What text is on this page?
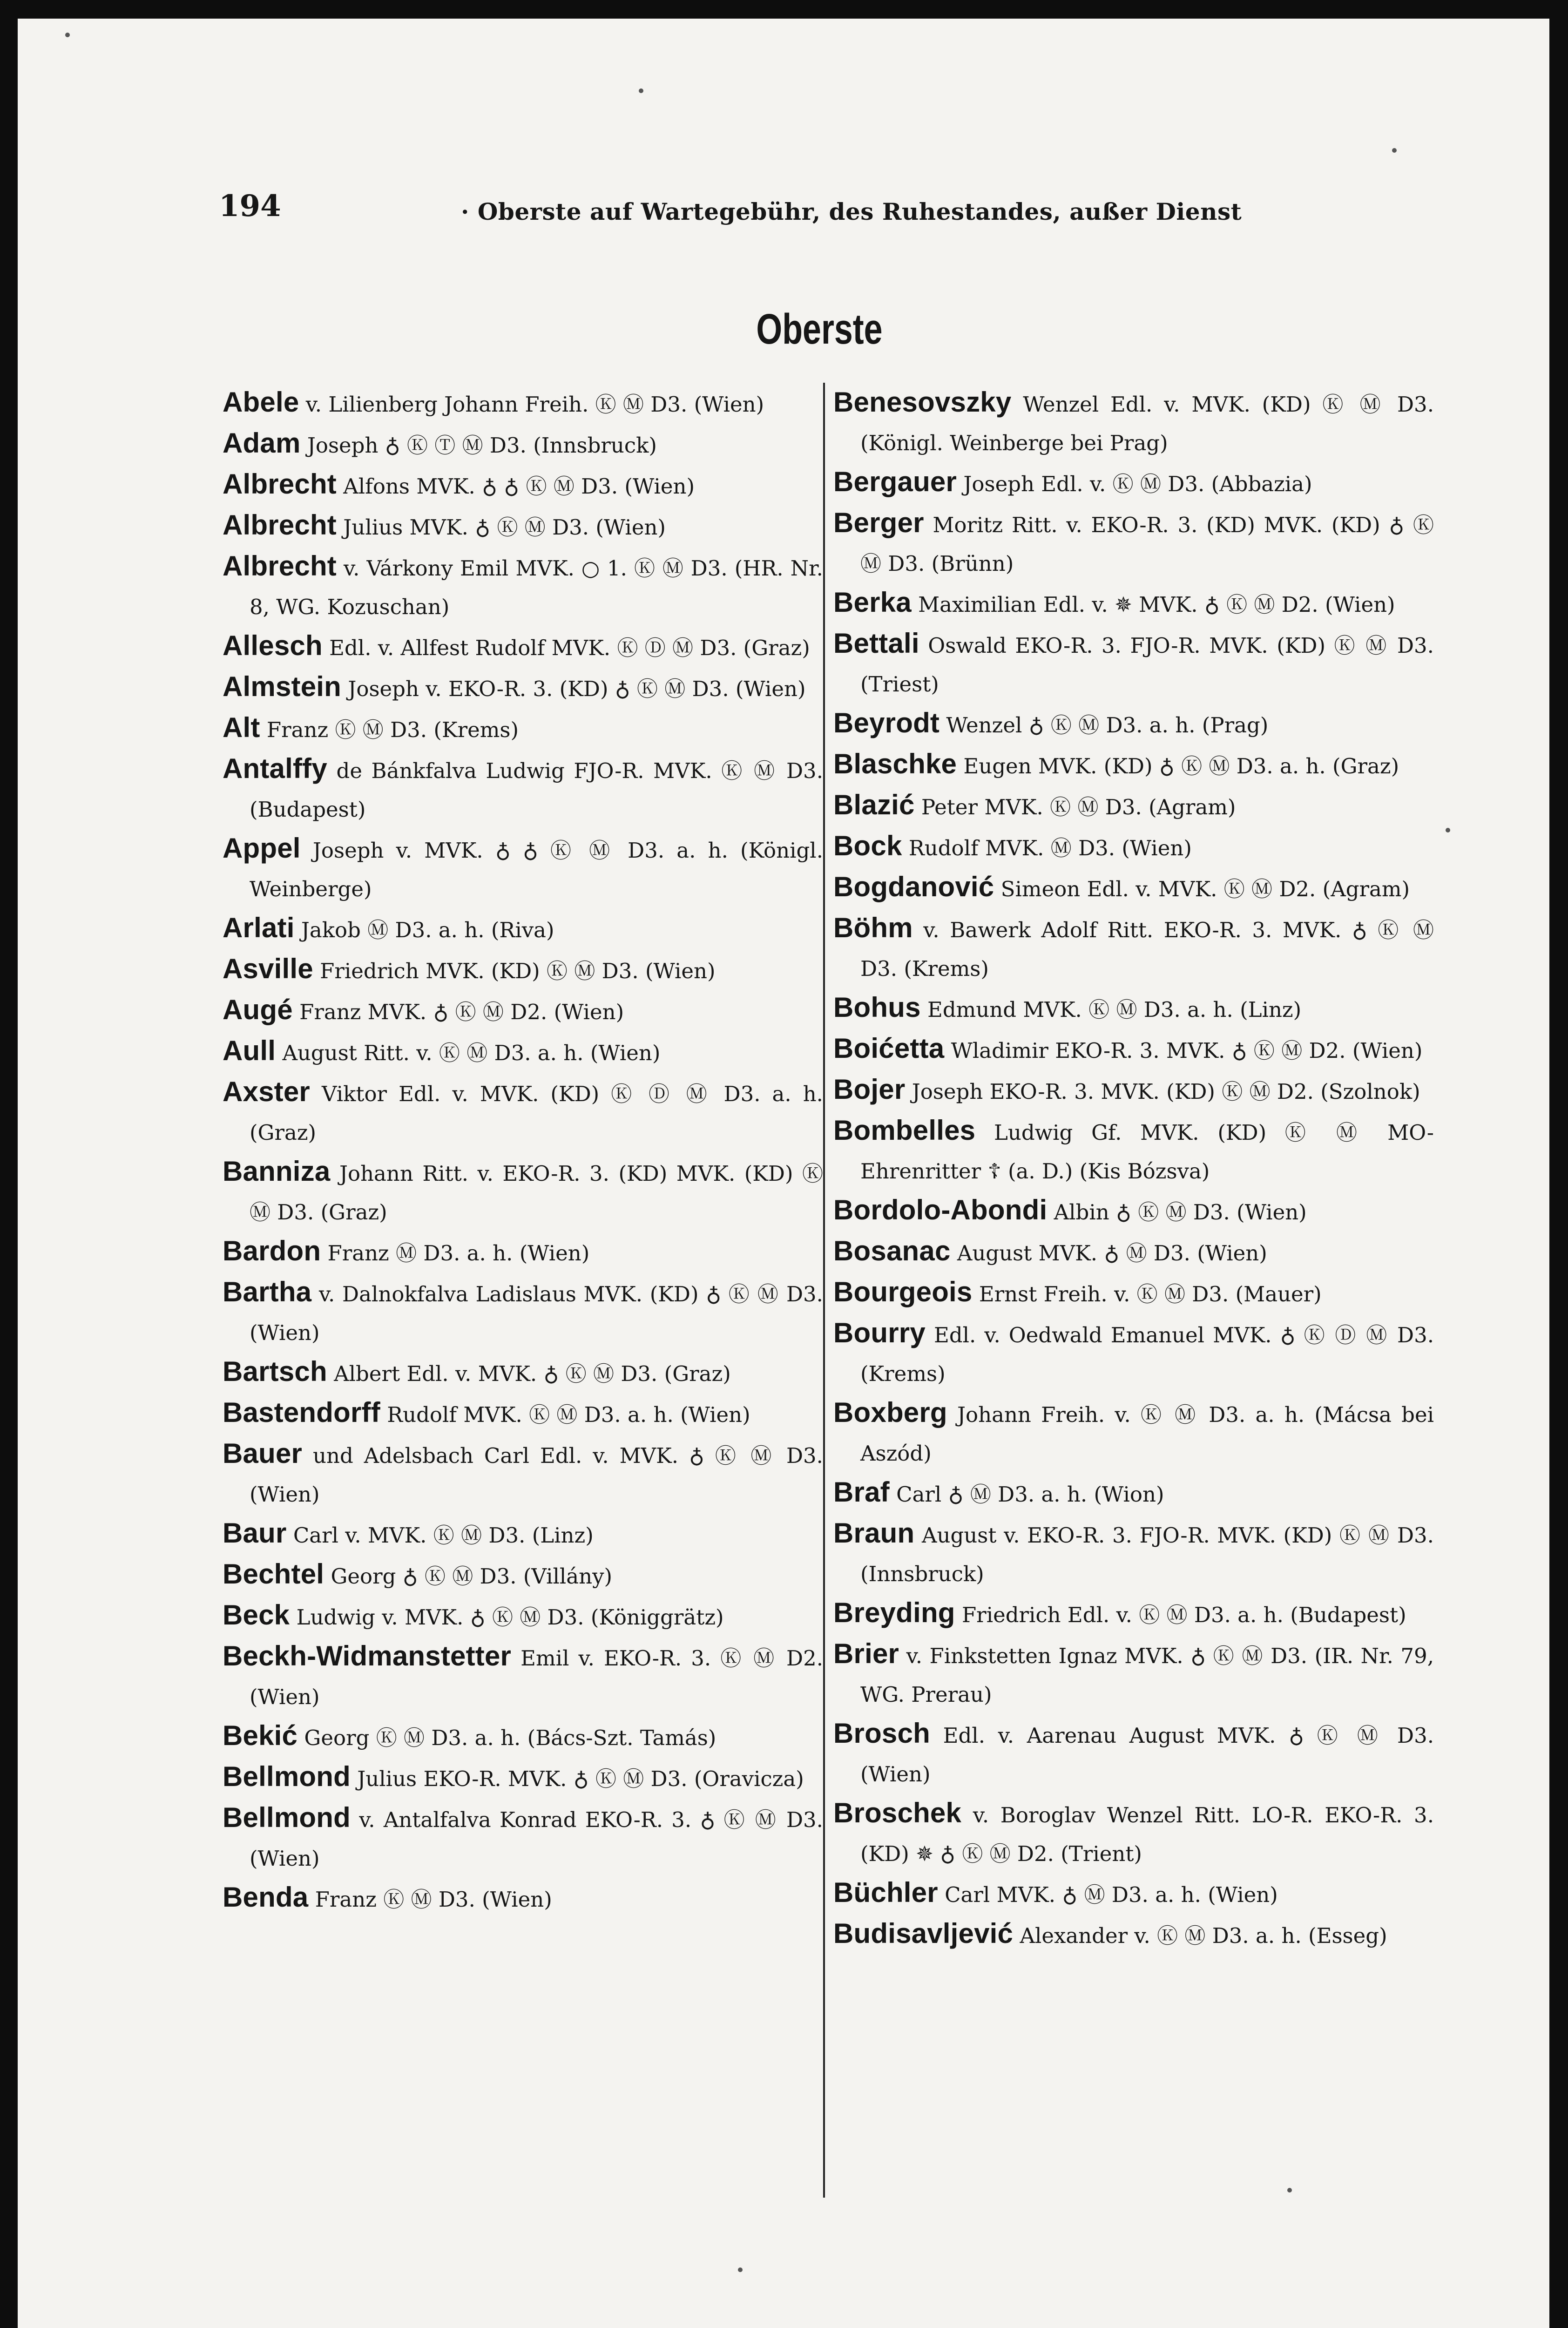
194	· Oberste auf Wartegebühr, des Ruhestandes, außer Dienst
Oberste

Abele v. Lilienberg Johann Freih. Ⓚ Ⓜ D3. (Wien)

Adam Joseph ♁ Ⓚ Ⓣ Ⓜ D3. (Innsbruck)

Albrecht Alfons MVK. ♁ ♁ Ⓚ Ⓜ D3. (Wien)

Albrecht Julius MVK. ♁ Ⓚ Ⓜ D3. (Wien)

Albrecht v. Várkony Emil MVK. ○ 1. Ⓚ Ⓜ D3. (HR. Nr. 8, WG. Kozuschan)

Allesch Edl. v. Allfest Rudolf MVK. Ⓚ Ⓓ Ⓜ D3. (Graz)

Almstein Joseph v. EKO-R. 3. (KD) ♁ Ⓚ Ⓜ D3. (Wien)

Alt Franz Ⓚ Ⓜ D3. (Krems)

Antalffy de Bánkfalva Ludwig FJO-R. MVK. Ⓚ Ⓜ D3. (Budapest)

Appel Joseph v. MVK. ♁ ♁ Ⓚ Ⓜ D3. a. h. (Königl. Weinberge)

Arlati Jakob Ⓜ D3. a. h. (Riva)

Asville Friedrich MVK. (KD) Ⓚ Ⓜ D3. (Wien)

Augé Franz MVK. ♁ Ⓚ Ⓜ D2. (Wien)

Aull August Ritt. v. Ⓚ Ⓜ D3. a. h. (Wien)

Axster Viktor Edl. v. MVK. (KD) Ⓚ Ⓓ Ⓜ D3. a. h. (Graz)

Banniza Johann Ritt. v. EKO-R. 3. (KD) MVK. (KD) Ⓚ Ⓜ D3. (Graz)

Bardon Franz Ⓜ D3. a. h. (Wien)

Bartha v. Dalnokfalva Ladislaus MVK. (KD) ♁ Ⓚ Ⓜ D3. (Wien)

Bartsch Albert Edl. v. MVK. ♁ Ⓚ Ⓜ D3. (Graz)

Bastendorff Rudolf MVK. Ⓚ Ⓜ D3. a. h. (Wien)

Bauer und Adelsbach Carl Edl. v. MVK. ♁ Ⓚ Ⓜ D3. (Wien)

Baur Carl v. MVK. Ⓚ Ⓜ D3. (Linz)

Bechtel Georg ♁ Ⓚ Ⓜ D3. (Villány)

Beck Ludwig v. MVK. ♁ Ⓚ Ⓜ D3. (Königgrätz)

Beckh-Widmanstetter Emil v. EKO-R. 3. Ⓚ Ⓜ D2. (Wien)

Bekić Georg Ⓚ Ⓜ D3. a. h. (Bács-Szt. Tamás)

Bellmond Julius EKO-R. MVK. ♁ Ⓚ Ⓜ D3. (Oravicza)

Bellmond v. Antalfalva Konrad EKO-R. 3. ♁ Ⓚ Ⓜ D3. (Wien)

Benda Franz Ⓚ Ⓜ D3. (Wien)

Benesovszky Wenzel Edl. v. MVK. (KD) Ⓚ Ⓜ D3. (Königl. Weinberge bei Prag)

Bergauer Joseph Edl. v. Ⓚ Ⓜ D3. (Abbazia)

Berger Moritz Ritt. v. EKO-R. 3. (KD) MVK. (KD) ♁ Ⓚ Ⓜ D3. (Brünn)

Berka Maximilian Edl. v. ✵ MVK. ♁ Ⓚ Ⓜ D2. (Wien)

Bettali Oswald EKO-R. 3. FJO-R. MVK. (KD) Ⓚ Ⓜ D3. (Triest)

Beyrodt Wenzel ♁ Ⓚ Ⓜ D3. a. h. (Prag)

Blaschke Eugen MVK. (KD) ♁ Ⓚ Ⓜ D3. a. h. (Graz)

Blazić Peter MVK. Ⓚ Ⓜ D3. (Agram)

Bock Rudolf MVK. Ⓜ D3. (Wien)

Bogdanović Simeon Edl. v. MVK. Ⓚ Ⓜ D2. (Agram)

Böhm v. Bawerk Adolf Ritt. EKO-R. 3. MVK. ♁ Ⓚ Ⓜ D3. (Krems)

Bohus Edmund MVK. Ⓚ Ⓜ D3. a. h. (Linz)

Boićetta Wladimir EKO-R. 3. MVK. ♁ Ⓚ Ⓜ D2. (Wien)

Bojer Joseph EKO-R. 3. MVK. (KD) Ⓚ Ⓜ D2. (Szolnok)

Bombelles Ludwig Gf. MVK. (KD) Ⓚ Ⓜ MO-Ehrenritter ☦ (a. D.) (Kis Bózsva)

Bordolo-Abondi Albin ♁ Ⓚ Ⓜ D3. (Wien)

Bosanac August MVK. ♁ Ⓜ D3. (Wien)

Bourgeois Ernst Freih. v. Ⓚ Ⓜ D3. (Mauer)

Bourry Edl. v. Oedwald Emanuel MVK. ♁ Ⓚ Ⓓ Ⓜ D3. (Krems)

Boxberg Johann Freih. v. Ⓚ Ⓜ D3. a. h. (Mácsa bei Aszód)

Braf Carl ♁ Ⓜ D3. a. h. (Wion)

Braun August v. EKO-R. 3. FJO-R. MVK. (KD) Ⓚ Ⓜ D3. (Innsbruck)

Breyding Friedrich Edl. v. Ⓚ Ⓜ D3. a. h. (Budapest)

Brier v. Finkstetten Ignaz MVK. ♁ Ⓚ Ⓜ D3. (IR. Nr. 79, WG. Prerau)

Brosch Edl. v. Aarenau August MVK. ♁ Ⓚ Ⓜ D3. (Wien)

Broschek v. Boroglav Wenzel Ritt. LO-R. EKO-R. 3. (KD) ✵ ♁ Ⓚ Ⓜ D2. (Trient)

Büchler Carl MVK. ♁ Ⓜ D3. a. h. (Wien)

Budisavljević Alexander v. Ⓚ Ⓜ D3. a. h. (Esseg)
